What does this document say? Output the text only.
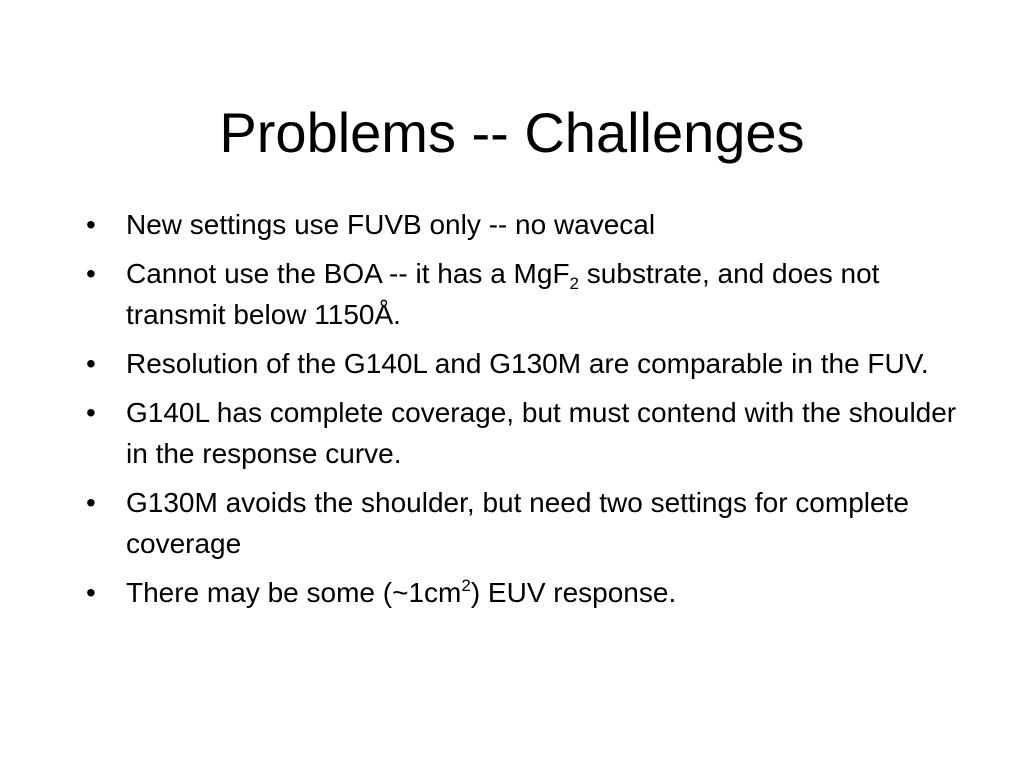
Problems -- Challenges
•	New settings use FUVB only -- no wavecal
•	Cannot use the BOA -- it has a MgF$_2$ substrate, and does not transmit below 1150Å.
•	Resolution of the G140L and G130M are comparable in the FUV.
•	G140L has complete coverage, but must contend with the shoulder in the response curve.
•	G130M avoids the shoulder, but need two settings for complete coverage
•	There may be some $(\sim 1cm^2)$ EUV response.
